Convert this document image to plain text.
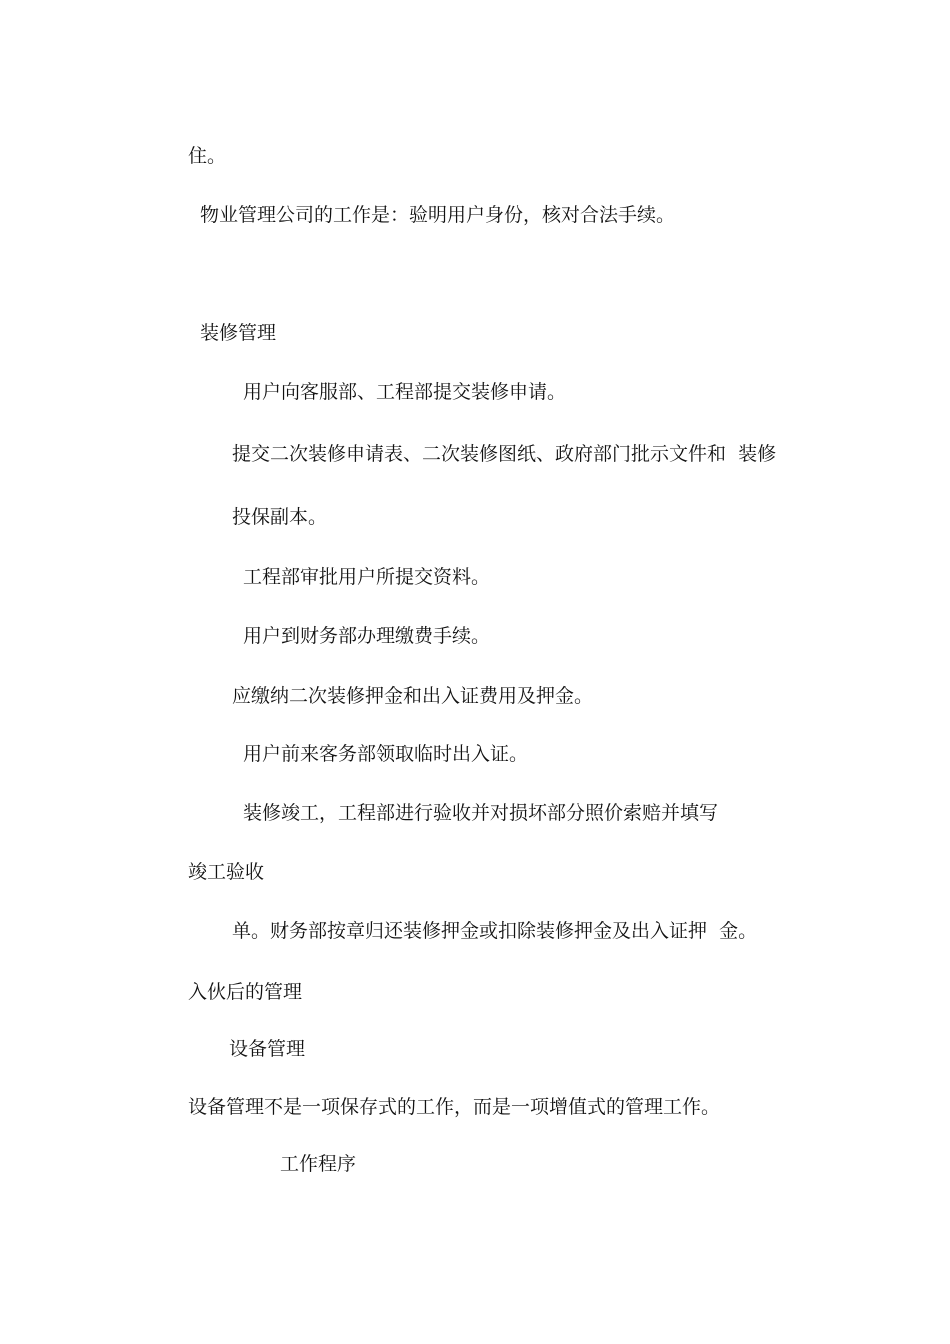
住。
物业管理公司的工作是：验明用户身份，核对合法手续。
装修管理
用户向客服部、工程部提交装修申请。
提交二次装修申请表、二次装修图纸、政府部门批示文件和  装修
投保副本。
工程部审批用户所提交资料。
用户到财务部办理缴费手续。
应缴纳二次装修押金和出入证费用及押金。
用户前来客务部领取临时出入证。
装修竣工，工程部进行验收并对损坏部分照价索赔并填写
竣工验收
单。财务部按章归还装修押金或扣除装修押金及出入证押  金。
入伙后的管理
设备管理
设备管理不是一项保存式的工作，而是一项增值式的管理工作。
工作程序
